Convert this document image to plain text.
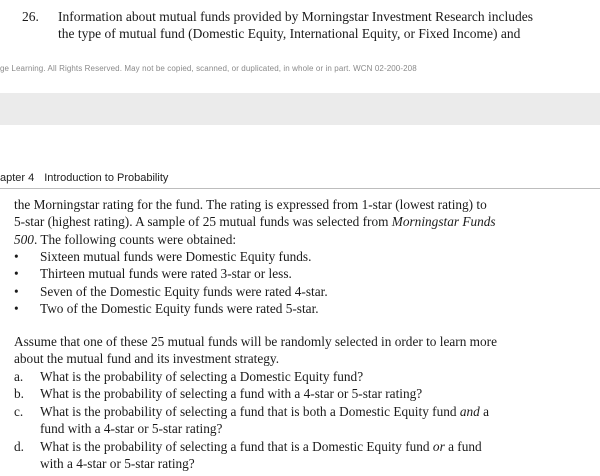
26. Information about mutual funds provided by Morningstar Investment Research includes
the type of mutual fund (Domestic Equity, International Equity, or Fixed Income) and
ge Learning. All Rights Reserved. May not be copied, scanned, or duplicated, in whole or in part. WCN 02-200-208
apter 4 Introduction to Probability
the Morningstar rating for the fund. The rating is expressed from 1-star (lowest rating) to
5-star (highest rating). A sample of 25 mutual funds was selected from Morningstar Funds
500. The following counts were obtained:
• Sixteen mutual funds were Domestic Equity funds.
• Thirteen mutual funds were rated 3-star or less.
• Seven of the Domestic Equity funds were rated 4-star.
• Two of the Domestic Equity funds were rated 5-star.
Assume that one of these 25 mutual funds will be randomly selected in order to learn more
about the mutual fund and its investment strategy.
a. What is the probability of selecting a Domestic Equity fund?
b. What is the probability of selecting a fund with a 4-star or 5-star rating?
c. What is the probability of selecting a fund that is both a Domestic Equity fund and a
fund with a 4-star or 5-star rating?
d. What is the probability of selecting a fund that is a Domestic Equity fund or a fund
with a 4-star or 5-star rating?
